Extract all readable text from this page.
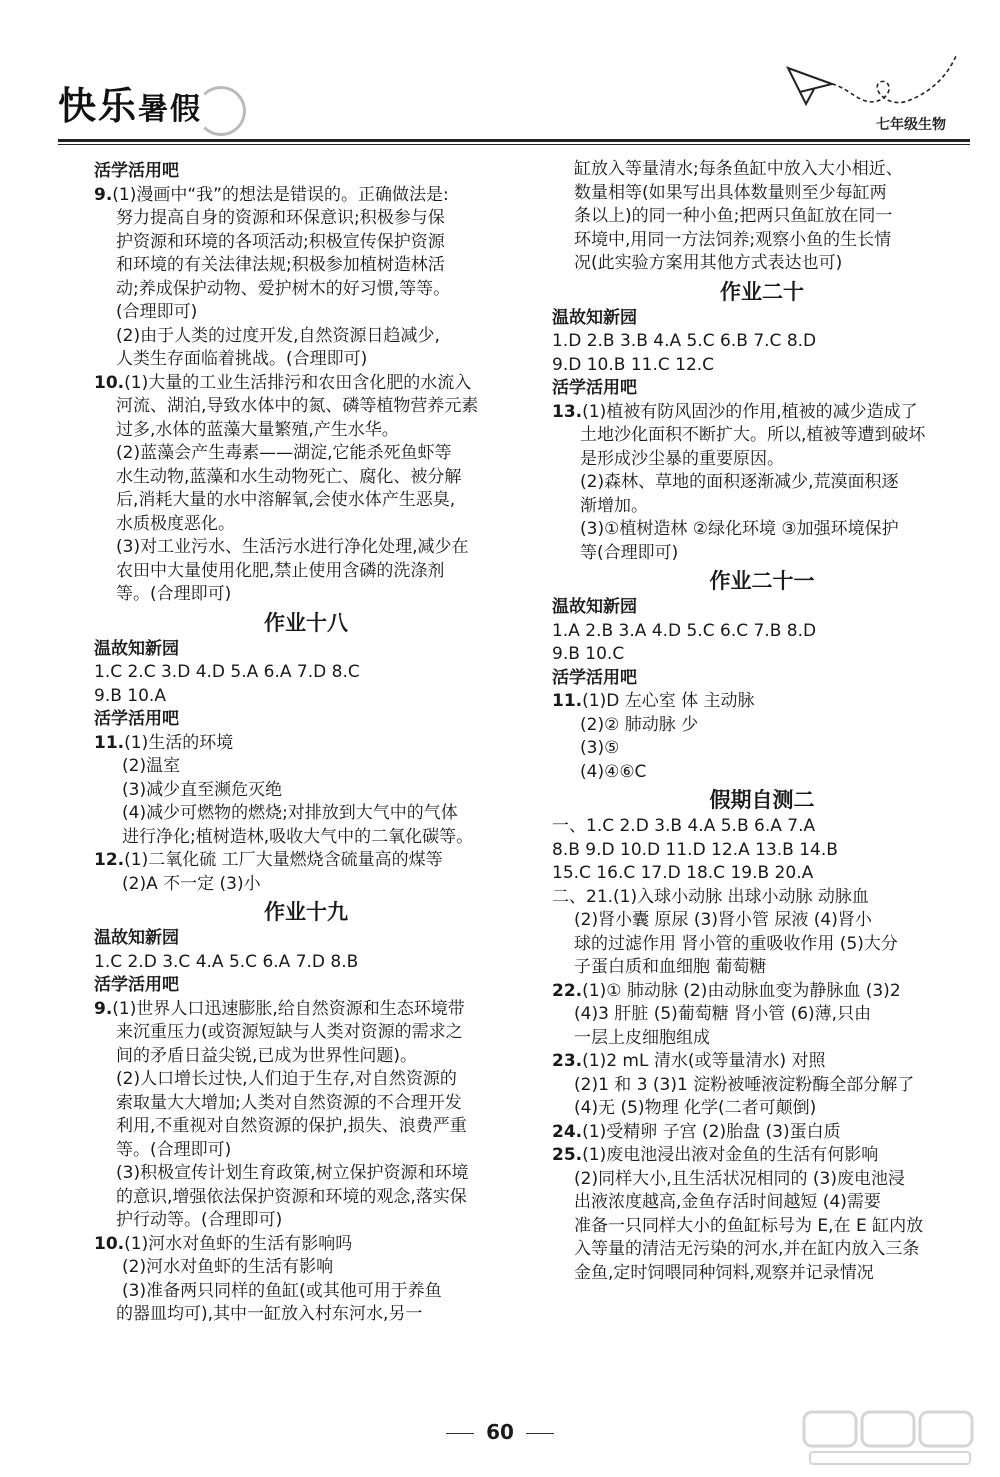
快乐暑假	七年级生物
活学活用吧
9.(1)漫画中“我”的想法是错误的。正确做法是:
努力提高自身的资源和环保意识;积极参与保
护资源和环境的各项活动;积极宣传保护资源
和环境的有关法律法规;积极参加植树造林活
动;养成保护动物、爱护树木的好习惯,等等。
(合理即可)
(2)由于人类的过度开发,自然资源日趋减少,
人类生存面临着挑战。(合理即可)
10.(1)大量的工业生活排污和农田含化肥的水流入
河流、湖泊,导致水体中的氮、磷等植物营养元素
过多,水体的蓝藻大量繁殖,产生水华。
(2)蓝藻会产生毒素——湖淀,它能杀死鱼虾等
水生动物,蓝藻和水生动物死亡、腐化、被分解
后,消耗大量的水中溶解氧,会使水体产生恶臭,
水质极度恶化。
(3)对工业污水、生活污水进行净化处理,减少在
农田中大量使用化肥,禁止使用含磷的洗涤剂
等。(合理即可)
作业十八
温故知新园
1.C 2.C 3.D 4.D 5.A 6.A 7.D 8.C
9.B 10.A
活学活用吧
11.(1)生活的环境
(2)温室
(3)减少直至濒危灭绝
(4)减少可燃物的燃烧;对排放到大气中的气体
进行净化;植树造林,吸收大气中的二氧化碳等。
12.(1)二氧化硫 工厂大量燃烧含硫量高的煤等
(2)A 不一定 (3)小
作业十九
温故知新园
1.C 2.D 3.C 4.A 5.C 6.A 7.D 8.B
活学活用吧
9.(1)世界人口迅速膨胀,给自然资源和生态环境带
来沉重压力(或资源短缺与人类对资源的需求之
间的矛盾日益尖锐,已成为世界性问题)。
(2)人口增长过快,人们迫于生存,对自然资源的
索取量大大增加;人类对自然资源的不合理开发
利用,不重视对自然资源的保护,损失、浪费严重
等。(合理即可)
(3)积极宣传计划生育政策,树立保护资源和环境
的意识,增强依法保护资源和环境的观念,落实保
护行动等。(合理即可)
10.(1)河水对鱼虾的生活有影响吗
(2)河水对鱼虾的生活有影响
(3)准备两只同样的鱼缸(或其他可用于养鱼
的器皿均可),其中一缸放入村东河水,另一
缸放入等量清水;每条鱼缸中放入大小相近、
数量相等(如果写出具体数量则至少每缸两
条以上)的同一种小鱼;把两只鱼缸放在同一
环境中,用同一方法饲养;观察小鱼的生长情
况(此实验方案用其他方式表达也可)
作业二十
温故知新园
1.D 2.B 3.B 4.A 5.C 6.B 7.C 8.D
9.D 10.B 11.C 12.C
活学活用吧
13.(1)植被有防风固沙的作用,植被的减少造成了
土地沙化面积不断扩大。所以,植被等遭到破坏
是形成沙尘暴的重要原因。
(2)森林、草地的面积逐渐减少,荒漠面积逐
渐增加。
(3)①植树造林 ②绿化环境 ③加强环境保护
等(合理即可)
作业二十一
温故知新园
1.A 2.B 3.A 4.D 5.C 6.C 7.B 8.D
9.B 10.C
活学活用吧
11.(1)D 左心室 体 主动脉
(2)② 肺动脉 少
(3)⑤
(4)④⑥C
假期自测二
一、1.C 2.D 3.B 4.A 5.B 6.A 7.A
8.B 9.D 10.D 11.D 12.A 13.B 14.B
15.C 16.C 17.D 18.C 19.B 20.A
二、21.(1)入球小动脉 出球小动脉 动脉血
(2)肾小囊 原尿 (3)肾小管 尿液 (4)肾小
球的过滤作用 肾小管的重吸收作用 (5)大分
子蛋白质和血细胞 葡萄糖
22.(1)① 肺动脉 (2)由动脉血变为静脉血 (3)2
(4)3 肝脏 (5)葡萄糖 肾小管 (6)薄,只由
一层上皮细胞组成
23.(1)2 mL 清水(或等量清水) 对照
(2)1 和 3 (3)1 淀粉被唾液淀粉酶全部分解了
(4)无 (5)物理 化学(二者可颠倒)
24.(1)受精卵 子宫 (2)胎盘 (3)蛋白质
25.(1)废电池浸出液对金鱼的生活有何影响
(2)同样大小,且生活状况相同的 (3)废电池浸
出液浓度越高,金鱼存活时间越短 (4)需要
准备一只同样大小的鱼缸标号为 E,在 E 缸内放
入等量的清洁无污染的河水,并在缸内放入三条
金鱼,定时饲喂同种饲料,观察并记录情况
60
